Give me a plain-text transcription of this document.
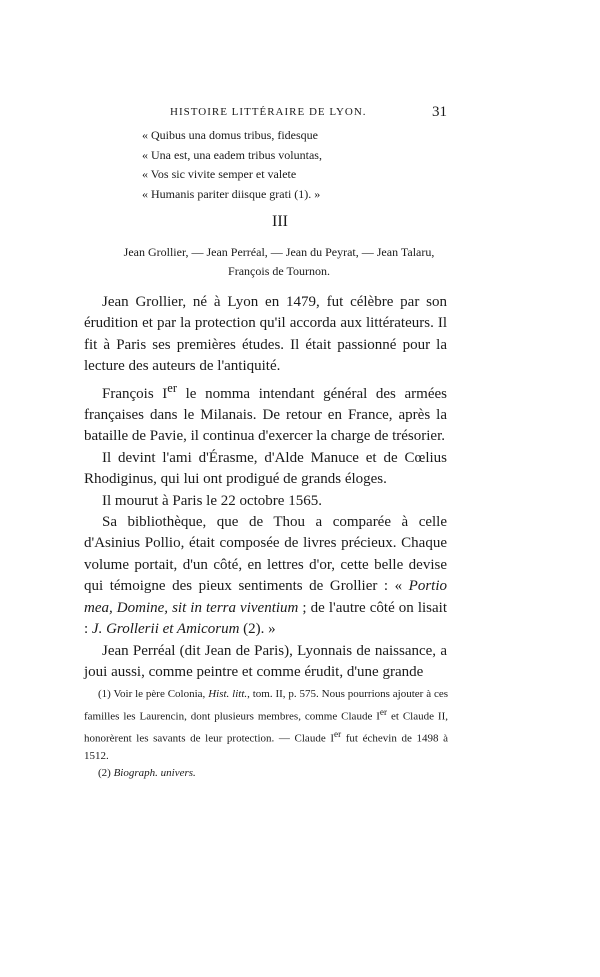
HISTOIRE LITTÉRAIRE DE LYON.	31
« Quibus una domus tribus, fidesque
« Una est, una eadem tribus voluntas,
« Vos sic vivite semper et valete
« Humanis pariter diisque grati (1). »
III
Jean Grollier, — Jean Perréal, — Jean du Peyrat, — Jean Talaru,
François de Tournon.

Jean Grollier, né à Lyon en 1479, fut célèbre par son érudition et par la protection qu'il accorda aux littérateurs. Il fit à Paris ses premières études. Il était passionné pour la lecture des auteurs de l'antiquité.

François Ier le nomma intendant général des armées françaises dans le Milanais. De retour en France, après la bataille de Pavie, il continua d'exercer la charge de trésorier.

Il devint l'ami d'Érasme, d'Alde Manuce et de Cœlius Rhodiginus, qui lui ont prodigué de grands éloges.

Il mourut à Paris le 22 octobre 1565.

Sa bibliothèque, que de Thou a comparée à celle d'Asinius Pollio, était composée de livres précieux. Chaque volume portait, d'un côté, en lettres d'or, cette belle devise qui témoigne des pieux sentiments de Grollier : « Portio mea, Domine, sit in terra viventium ; de l'autre côté on lisait : J. Grollerii et Amicorum (2). »

Jean Perréal (dit Jean de Paris), Lyonnais de naissance, a joui aussi, comme peintre et comme érudit, d'une grande

(1) Voir le père Colonia, Hist. litt., tom. II, p. 575. Nous pourrions ajouter à ces familles les Laurencin, dont plusieurs membres, comme Claude Ier et Claude II, honorèrent les savants de leur protection. — Claude Ier fut échevin de 1498 à 1512.

(2) Biograph. univers.
